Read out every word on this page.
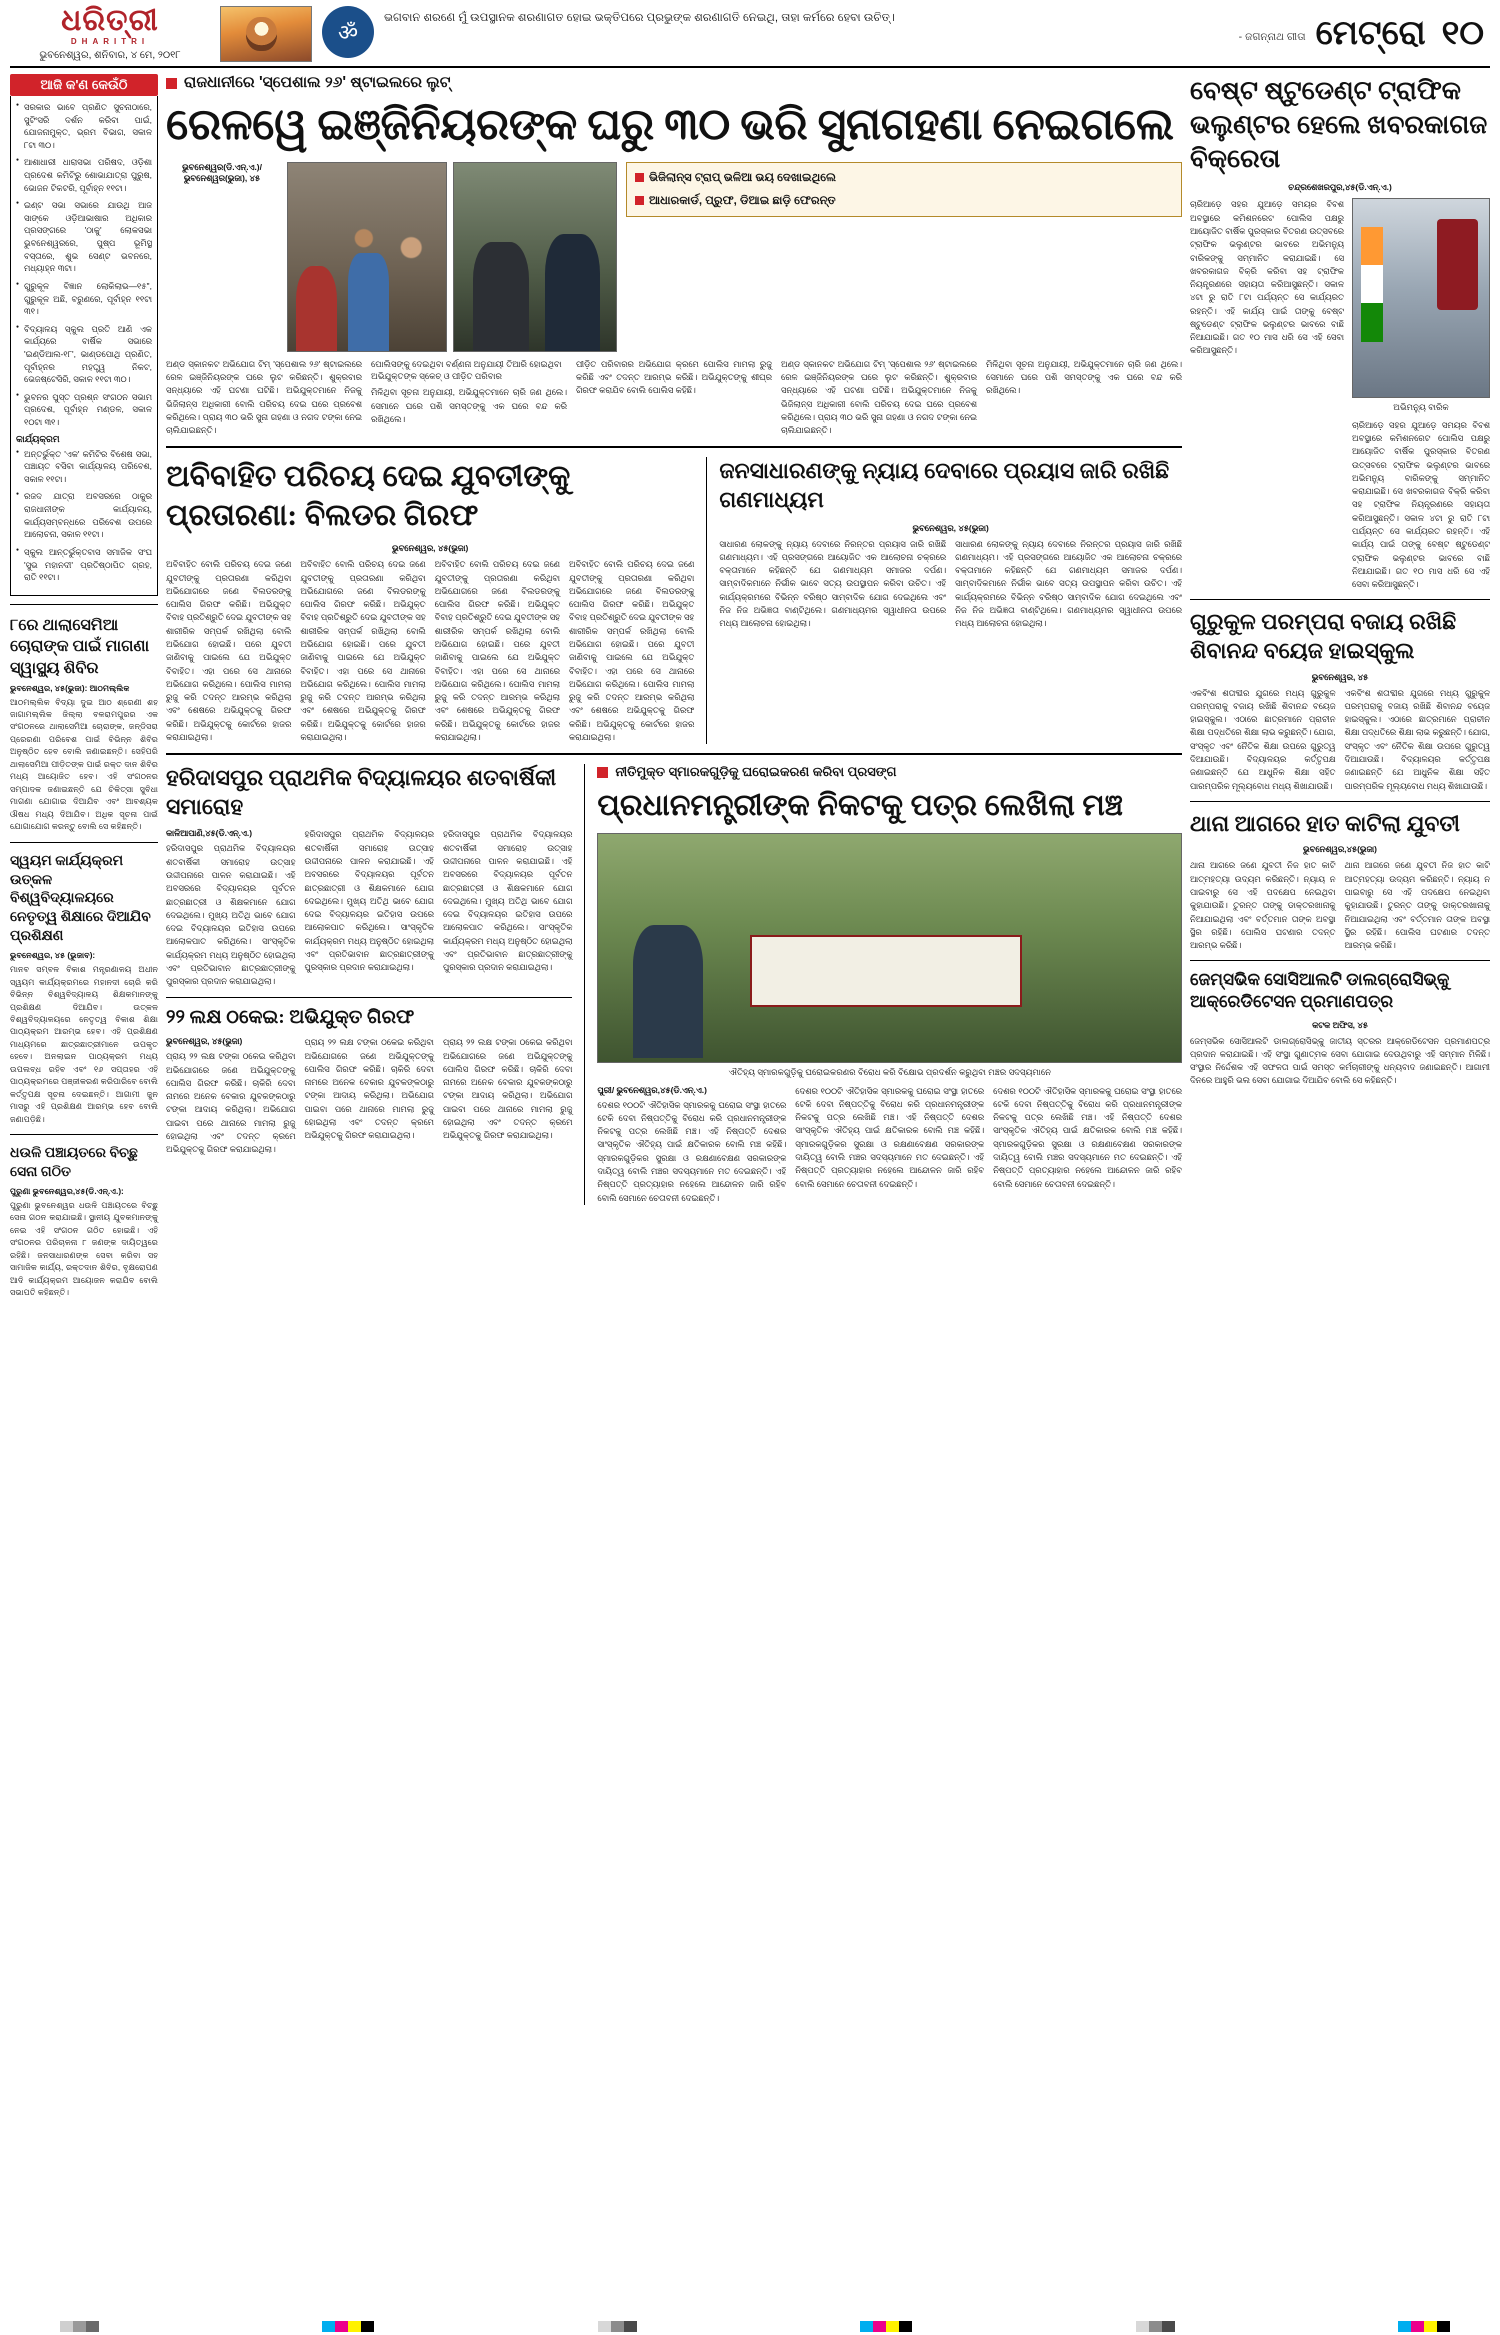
ଧରିତ୍ରୀ
DHARITRI
ଭୁବନେଶ୍ୱର, ଶନିବାର, ୪ ମେ, ୨୦୧୮
ॐ
ଭଗବାନ ଶରଣେ ମୁଁ ଉପସ୍ଥାନକ ଶରଣାଗତ ହୋଇ ଭକ୍ତିପରେ ପ୍ରଭୁଙ୍କ ଶରଣାଗତି ନେଇଥି, ତାହା କର୍ମରେ ହେବା ଉଚିତ୍‌।
- ଜଗନ୍ନାଥ ଗୀତା ମେଟ୍ରୋ ୧୦
ଆଜି କ'ଣ କେଉଁଠି
● ସରକାର ଭାବେ ପ୍ରଣିତ ସୁଚନାଠାରେ, ସୁଟିଂସରି ଦର୍ଶନ କରିବା ପାଇଁ, ଯୋଜନାମୁକ୍ତ, ଭ୍ରମ ବିଭାଗ, ସକାଳ ୮ଟା ୩୦।
● ଆଶାଧାରୀ ଧାରାସଭା ପରିଷଦ, ଓଡ଼ିଶା ପ୍ରଦେଶ କମିଟିରୁ ଶୋଭାଯାତ୍ରା ପୁରୁଷ, ଭୋଜନ ଟିକଟରି, ପୂର୍ବାହ୍ନ ୧୧ଟା।
● ଇଣ୍ଟ ସଭା ସଭାରେ ଯାଉଥି ଆଜ ସାଙ୍କେ ଓଡ଼ିଆଭାଷାର ଅଧିକାର ପ୍ରସଙ୍ଗରେ 'ଠାକୁ' ଲୋକସଭା ଭୁବନେଶ୍ୱରରେ, ପୁଷ୍ପ ଭୂମିସ୍ଥ ବସ୍ତାରେ, ଶୁଭ ସେଣ୍ଟ ଭବନରେ, ମଧ୍ୟାହ୍ନ ୩ଟା।
● ଗୁରୁକୂଳ ବିଜ୍ଞାନ ଲୋକିଲାଭ—୧୫'', ଗୁରୁକୂଳ ଅଛି, ବରୁଣରେ, ପୂର୍ବାହ୍ନ ୧୧ଟା ୩୧।
● ବିଦ୍ୟାଳୟ ସ୍କୁଲ ପ୍ରତି ଆଣି ଏକ କାର୍ଯ୍ୟରେ ବାର୍ଷିକ ସଭାରେ 'ଇଣ୍ଡିଆଲ-୧୮', ଭାଣ୍ଡପୋଥି ପ୍ରଣିତ, ପୂର୍ବାହ୍ନର ମହତ୍ତ୍ୱ ନିକଟ, ଭେଜଷ୍ଟେସିରି, ସକାଳ ୧୧ଟା ୩୦।
● ଭୁବନର ପୁସ୍ତ ପ୍ରଶ୍ନ ସଂଗଠନ ସଭାମ ପ୍ରଦେଶ, ପୂର୍ବାହ୍ନ ମଣ୍ଡଳ, ସକାଳ ୧୦ଟା ୩୧।
କାର୍ଯ୍ୟକ୍ରମ
● ଅନ୍ତର୍ଭୁକ୍ତ 'ଏକ' କମିଟିର ବିଶେଷ ସଭା, ପଞ୍ଚାୟତ ବସିବା କାର୍ଯ୍ୟାଳୟ ପରିବେଶ, ସକାଳ ୧୧ଟା।
● ରଜଦ ଯାତ୍ରା ଅବସରରେ ଠାକୁର ରାଜଧାନୀଙ୍କ କାର୍ଯ୍ୟାଳୟ, କାର୍ଯ୍ୟସମ୍ବନ୍ଧରେ ପରିବେଶ ଉପରେ ଆଲୋଚନା, ସକାଳ ୧୧ଟା।
● ସ୍କୁଲ ଆନ୍ତର୍ଭୁକ୍ତବାସ ସମାଜିକ ସଂଘ 'ସୁଭ ମହାନଦୀ' ପ୍ରତିଷ୍ଠାପିତ ଗ୍ରହ, ରାତି ୧୧ଟା।
୮ରେ ଥାଲାସେମିଆ ଚୋରାଙ୍କ ପାଇଁ ମାଗଣା ସ୍ୱାସ୍ଥ୍ୟ ଶିବିର
ଭୁବନେଶ୍ୱର, ୪୫(ଭୁଜା): ଆଠମଲ୍ଲିକ
ଆଠମଲ୍ଲିକ ବିଦ୍ୟା ଦୁଇ ଆଠ ଶ୍ରେଣୀ ଶହ ଜାଗାମଲ୍ଲିକ ଜିଲ୍ଲା ବଳରାମପୁରର ଏକ ସଂଗଠନରେ ଥାଲାସେମିଆ ଚୋରାଙ୍କ, ଜନ୍ଡିସରା ପ୍ରେରଣା ପରିବେଶ ପାଇଁ ବିଭିନ୍ନ ଶିବିର ଅନୁଷ୍ଠିତ ହେବ ବୋଲି ଜଣାଇଛନ୍ତି। ସେହିପରି ଥାଲାସେମିଆ ପୀଡ଼ିତଙ୍କ ପାଇଁ ରକ୍ତ ଦାନ ଶିବିର ମଧ୍ୟ ଆୟୋଜିତ ହେବ। ଏହି ସଂଗଠନର ସମ୍ପାଦକ ଜଣାଇଛନ୍ତି ଯେ ଚିକିତ୍ସା ସୁବିଧା ମାଗଣା ଯୋଗାଇ ଦିଆଯିବ ଏବଂ ଆବଶ୍ୟକ ଔଷଧ ମଧ୍ୟ ଦିଆଯିବ। ଅଧିକ ସୂଚନା ପାଇଁ ଯୋଗାଯୋଗ କରନ୍ତୁ ବୋଲି ସେ କହିଛନ୍ତି।
ସ୍ୱୟମ କାର୍ଯ୍ୟକ୍ରମ ଉତ୍କଳ ବିଶ୍ୱବିଦ୍ୟାଳୟରେ ନେତୃତ୍ୱ ଶିକ୍ଷାରେ ଦିଆଯିବ ପ୍ରଶିକ୍ଷଣ
ଭୁବନେଶ୍ୱର, ୪୫ (ଭୁଜାବ):
ମାନବ ସମ୍ବଳ ବିକାଶ ମନ୍ତ୍ରଣାଳୟ ଅଧୀନ ସ୍ୱୟମ କାର୍ଯ୍ୟକ୍ରମରେ ମହାନଦୀ ଚୋରି କରି ବିଭିନ୍ନ ବିଶ୍ୱବିଦ୍ୟାଳୟ ଶିକ୍ଷକମାନଙ୍କୁ ପ୍ରଶିକ୍ଷଣ ଦିଆଯିବ। ଉତ୍କଳ ବିଶ୍ୱବିଦ୍ୟାଳୟରେ ନେତୃତ୍ୱ ବିକାଶ ଶିକ୍ଷା ପାଠ୍ୟକ୍ରମ ଆରମ୍ଭ ହେବ। ଏହି ପ୍ରଶିକ୍ଷଣ ମାଧ୍ୟମରେ ଛାତ୍ରଛାତ୍ରୀମାନେ ଉପକୃତ ହେବେ। ଅନଲାଇନ ପାଠ୍ୟକ୍ରମ ମଧ୍ୟ ଉପଲବ୍ଧ ରହିବ ଏବଂ ୧୬ ସପ୍ତାହର ଏହି ପାଠ୍ୟକ୍ରମରେ ପଞ୍ଜୀକରଣ କରିପାରିବେ ବୋଲି କର୍ତ୍ତୃପକ୍ଷ ସୂଚନା ଦେଇଛନ୍ତି। ଆଗାମୀ ଜୁନ ମାସରୁ ଏହି ପ୍ରଶିକ୍ଷଣ ଆରମ୍ଭ ହେବ ବୋଲି ଜଣାପଡ଼ିଛି।
ଧଉଳି ପଞ୍ଚାୟତରେ ବିଚ୍ଛୁ ସେନା ଗଠିତ
ପୁରୁଣା ଭୁବନେଶ୍ୱର,୪୫(ଡି.ଏନ୍.ଏ.):
ପୁରୁଣା ଭୁବନେଶ୍ୱର ଧଉଳି ପଞ୍ଚାୟତରେ ବିଚ୍ଛୁ ସେନା ଗଠନ କରାଯାଇଛି। ସ୍ଥାନୀୟ ଯୁବକମାନଙ୍କୁ ନେଇ ଏହି ସଂଗଠନ ଗଠିତ ହୋଇଛି। ଏହି ସଂଗଠନର ପରିଚାଳନା ୮ ଜଣଙ୍କ ଦାୟିତ୍ୱରେ ରହିଛି। ଜନସାଧାରଣଙ୍କ ସେବା କରିବା ସହ ସାମାଜିକ କାର୍ଯ୍ୟ, ରକ୍ତଦାନ ଶିବିର, ବୃକ୍ଷରୋପଣ ଆଦି କାର୍ଯ୍ୟକ୍ରମ ଆୟୋଜନ କରାଯିବ ବୋଲି ସଭାପତି କହିଛନ୍ତି।
ରାଜଧାନୀରେ 'ସ୍ପେଶାଲ ୨୬' ଷ୍ଟାଇଲରେ ଲୁଟ୍
ରେଳୱେ ଇଞ୍ଜିନିୟରଙ୍କ ଘରୁ ୩୦ ଭରି ସୁନାଗହଣା ନେଇଗଲେ
ଭୁବନେଶ୍ୱର(ଡି.ଏନ୍.ଏ.)/ ଭୁବନେଶ୍ୱର(ଭୁଜା), ୪୫	ଭିଜିଲାନ୍ସ ଟ୍ରାପ୍‌ ଭଳିଆ ଭୟ ଦେଖାଇଥିଲେ
ଆଧାରକାର୍ଡ, ପ୍ରୁଫ, ଡିଆଇ ଛାଡ଼ି ଫେରନ୍ତ
ଅଣ୍ଡ ସ୍କାନକଟ ଅଭିଯୋଗ ଟିମ୍‌ 'ସ୍ପେଶାଲ ୨୬' ଷ୍ଟାଇଲରେ ରେଳ ଇଞ୍ଜିନିୟରଙ୍କ ଘରେ ଲୁଟ କରିଛନ୍ତି। ଶୁକ୍ରବାର ସନ୍ଧ୍ୟାରେ ଏହି ଘଟଣା ଘଟିଛି। ଅଭିଯୁକ୍ତମାନେ ନିଜକୁ ଭିଜିଲାନ୍ସ ଅଧିକାରୀ ବୋଲି ପରିଚୟ ଦେଇ ଘରେ ପ୍ରବେଶ କରିଥିଲେ। ପ୍ରାୟ ୩୦ ଭରି ସୁନା ଗହଣା ଓ ନଗଦ ଟଙ୍କା ନେଇ ଚାଲିଯାଇଛନ୍ତି।
ପୋଲିସଙ୍କୁ ଦେଇଥିବା ବର୍ଣ୍ଣନା ଅନୁଯାୟୀ ତିଆରି ହୋଇଥିବା ଅଭିଯୁକ୍ତଙ୍କ ସ୍କେଚ୍‌ ଓ ପୀଡ଼ିତ ପରିବାର
ମିଳିଥିବା ସୂଚନା ଅନୁଯାୟୀ, ଅଭିଯୁକ୍ତମାନେ ଚାରି ଜଣ ଥିଲେ। ସେମାନେ ଘରେ ପଶି ସମସ୍ତଙ୍କୁ ଏକ ଘରେ ବନ୍ଦ କରି ରଖିଥିଲେ।
ପୀଡ଼ିତ ପରିବାରର ଅଭିଯୋଗ କ୍ରମେ ପୋଲିସ ମାମଲା ରୁଜୁ କରିଛି ଏବଂ ତଦନ୍ତ ଆରମ୍ଭ କରିଛି। ଅଭିଯୁକ୍ତଙ୍କୁ ଶୀଘ୍ର ଗିରଫ କରାଯିବ ବୋଲି ପୋଲିସ କହିଛି।
ଅଣ୍ଡ ସ୍କାନକଟ ଅଭିଯୋଗ ଟିମ୍‌ 'ସ୍ପେଶାଲ ୨୬' ଷ୍ଟାଇଲରେ ରେଳ ଇଞ୍ଜିନିୟରଙ୍କ ଘରେ ଲୁଟ କରିଛନ୍ତି। ଶୁକ୍ରବାର ସନ୍ଧ୍ୟାରେ ଏହି ଘଟଣା ଘଟିଛି। ଅଭିଯୁକ୍ତମାନେ ନିଜକୁ ଭିଜିଲାନ୍ସ ଅଧିକାରୀ ବୋଲି ପରିଚୟ ଦେଇ ଘରେ ପ୍ରବେଶ କରିଥିଲେ। ପ୍ରାୟ ୩୦ ଭରି ସୁନା ଗହଣା ଓ ନଗଦ ଟଙ୍କା ନେଇ ଚାଲିଯାଇଛନ୍ତି।
ମିଳିଥିବା ସୂଚନା ଅନୁଯାୟୀ, ଅଭିଯୁକ୍ତମାନେ ଚାରି ଜଣ ଥିଲେ। ସେମାନେ ଘରେ ପଶି ସମସ୍ତଙ୍କୁ ଏକ ଘରେ ବନ୍ଦ କରି ରଖିଥିଲେ।
ଅବିବାହିତ ପରିଚୟ ଦେଇ ଯୁବତୀଙ୍କୁ ପ୍ରତାରଣା: ବିଲଡର ଗିରଫ
ଭୁବନେଶ୍ୱର, ୪୫(ଭୁଜା)
ଅବିବାହିତ ବୋଲି ପରିଚୟ ଦେଇ ଜଣେ ଯୁବତୀଙ୍କୁ ପ୍ରତାରଣା କରିଥିବା ଅଭିଯୋଗରେ ଜଣେ ବିଲଡରଙ୍କୁ ପୋଲିସ ଗିରଫ କରିଛି। ଅଭିଯୁକ୍ତ ବିବାହ ପ୍ରତିଶ୍ରୁତି ଦେଇ ଯୁବତୀଙ୍କ ସହ ଶାରୀରିକ ସମ୍ପର୍କ ରଖିଥିଲା ବୋଲି ଅଭିଯୋଗ ହୋଇଛି। ପରେ ଯୁବତୀ ଜାଣିବାକୁ ପାଇଲେ ଯେ ଅଭିଯୁକ୍ତ ବିବାହିତ। ଏହା ପରେ ସେ ଥାନାରେ ଅଭିଯୋଗ କରିଥିଲେ। ପୋଲିସ ମାମଲା ରୁଜୁ କରି ତଦନ୍ତ ଆରମ୍ଭ କରିଥିଲା ଏବଂ ଶେଷରେ ଅଭିଯୁକ୍ତକୁ ଗିରଫ କରିଛି। ଅଭିଯୁକ୍ତକୁ କୋର୍ଟରେ ହାଜର କରାଯାଇଥିଲା।
ଅବିବାହିତ ବୋଲି ପରିଚୟ ଦେଇ ଜଣେ ଯୁବତୀଙ୍କୁ ପ୍ରତାରଣା କରିଥିବା ଅଭିଯୋଗରେ ଜଣେ ବିଲଡରଙ୍କୁ ପୋଲିସ ଗିରଫ କରିଛି। ଅଭିଯୁକ୍ତ ବିବାହ ପ୍ରତିଶ୍ରୁତି ଦେଇ ଯୁବତୀଙ୍କ ସହ ଶାରୀରିକ ସମ୍ପର୍କ ରଖିଥିଲା ବୋଲି ଅଭିଯୋଗ ହୋଇଛି। ପରେ ଯୁବତୀ ଜାଣିବାକୁ ପାଇଲେ ଯେ ଅଭିଯୁକ୍ତ ବିବାହିତ। ଏହା ପରେ ସେ ଥାନାରେ ଅଭିଯୋଗ କରିଥିଲେ। ପୋଲିସ ମାମଲା ରୁଜୁ କରି ତଦନ୍ତ ଆରମ୍ଭ କରିଥିଲା ଏବଂ ଶେଷରେ ଅଭିଯୁକ୍ତକୁ ଗିରଫ କରିଛି। ଅଭିଯୁକ୍ତକୁ କୋର୍ଟରେ ହାଜର କରାଯାଇଥିଲା।
ଅବିବାହିତ ବୋଲି ପରିଚୟ ଦେଇ ଜଣେ ଯୁବତୀଙ୍କୁ ପ୍ରତାରଣା କରିଥିବା ଅଭିଯୋଗରେ ଜଣେ ବିଲଡରଙ୍କୁ ପୋଲିସ ଗିରଫ କରିଛି। ଅଭିଯୁକ୍ତ ବିବାହ ପ୍ରତିଶ୍ରୁତି ଦେଇ ଯୁବତୀଙ୍କ ସହ ଶାରୀରିକ ସମ୍ପର୍କ ରଖିଥିଲା ବୋଲି ଅଭିଯୋଗ ହୋଇଛି। ପରେ ଯୁବତୀ ଜାଣିବାକୁ ପାଇଲେ ଯେ ଅଭିଯୁକ୍ତ ବିବାହିତ। ଏହା ପରେ ସେ ଥାନାରେ ଅଭିଯୋଗ କରିଥିଲେ। ପୋଲିସ ମାମଲା ରୁଜୁ କରି ତଦନ୍ତ ଆରମ୍ଭ କରିଥିଲା ଏବଂ ଶେଷରେ ଅଭିଯୁକ୍ତକୁ ଗିରଫ କରିଛି। ଅଭିଯୁକ୍ତକୁ କୋର୍ଟରେ ହାଜର କରାଯାଇଥିଲା।
ଅବିବାହିତ ବୋଲି ପରିଚୟ ଦେଇ ଜଣେ ଯୁବତୀଙ୍କୁ ପ୍ରତାରଣା କରିଥିବା ଅଭିଯୋଗରେ ଜଣେ ବିଲଡରଙ୍କୁ ପୋଲିସ ଗିରଫ କରିଛି। ଅଭିଯୁକ୍ତ ବିବାହ ପ୍ରତିଶ୍ରୁତି ଦେଇ ଯୁବତୀଙ୍କ ସହ ଶାରୀରିକ ସମ୍ପର୍କ ରଖିଥିଲା ବୋଲି ଅଭିଯୋଗ ହୋଇଛି। ପରେ ଯୁବତୀ ଜାଣିବାକୁ ପାଇଲେ ଯେ ଅଭିଯୁକ୍ତ ବିବାହିତ। ଏହା ପରେ ସେ ଥାନାରେ ଅଭିଯୋଗ କରିଥିଲେ। ପୋଲିସ ମାମଲା ରୁଜୁ କରି ତଦନ୍ତ ଆରମ୍ଭ କରିଥିଲା ଏବଂ ଶେଷରେ ଅଭିଯୁକ୍ତକୁ ଗିରଫ କରିଛି। ଅଭିଯୁକ୍ତକୁ କୋର୍ଟରେ ହାଜର କରାଯାଇଥିଲା।
ଜନସାଧାରଣଙ୍କୁ ନ୍ୟାୟ ଦେବାରେ ପ୍ରୟାସ ଜାରି ରଖିଛି ଗଣମାଧ୍ୟମ
ଭୁବନେଶ୍ୱର, ୪୫(ଭୁଜା)
ସାଧାରଣ ଲୋକଙ୍କୁ ନ୍ୟାୟ ଦେବାରେ ନିରନ୍ତର ପ୍ରୟାସ ଜାରି ରଖିଛି ଗଣମାଧ୍ୟମ। ଏହି ପ୍ରସଙ୍ଗରେ ଆୟୋଜିତ ଏକ ଆଲୋଚନା ଚକ୍ରରେ ବକ୍ତାମାନେ କହିଛନ୍ତି ଯେ ଗଣମାଧ୍ୟମ ସମାଜର ଦର୍ପଣ। ସାମ୍ବାଦିକମାନେ ନିର୍ଭୀକ ଭାବେ ସତ୍ୟ ଉପସ୍ଥାପନ କରିବା ଉଚିତ। ଏହି କାର୍ଯ୍ୟକ୍ରମରେ ବିଭିନ୍ନ ବରିଷ୍ଠ ସାମ୍ବାଦିକ ଯୋଗ ଦେଇଥିଲେ ଏବଂ ନିଜ ନିଜ ଅଭିଜ୍ଞତା ବାଣ୍ଟିଥିଲେ। ଗଣମାଧ୍ୟମର ସ୍ୱାଧୀନତା ଉପରେ ମଧ୍ୟ ଆଲୋଚନା ହୋଇଥିଲା।
ସାଧାରଣ ଲୋକଙ୍କୁ ନ୍ୟାୟ ଦେବାରେ ନିରନ୍ତର ପ୍ରୟାସ ଜାରି ରଖିଛି ଗଣମାଧ୍ୟମ। ଏହି ପ୍ରସଙ୍ଗରେ ଆୟୋଜିତ ଏକ ଆଲୋଚନା ଚକ୍ରରେ ବକ୍ତାମାନେ କହିଛନ୍ତି ଯେ ଗଣମାଧ୍ୟମ ସମାଜର ଦର୍ପଣ। ସାମ୍ବାଦିକମାନେ ନିର୍ଭୀକ ଭାବେ ସତ୍ୟ ଉପସ୍ଥାପନ କରିବା ଉଚିତ। ଏହି କାର୍ଯ୍ୟକ୍ରମରେ ବିଭିନ୍ନ ବରିଷ୍ଠ ସାମ୍ବାଦିକ ଯୋଗ ଦେଇଥିଲେ ଏବଂ ନିଜ ନିଜ ଅଭିଜ୍ଞତା ବାଣ୍ଟିଥିଲେ। ଗଣମାଧ୍ୟମର ସ୍ୱାଧୀନତା ଉପରେ ମଧ୍ୟ ଆଲୋଚନା ହୋଇଥିଲା।
ହରିଦାସପୁର ପ୍ରାଥମିକ ବିଦ୍ୟାଳୟର ଶତବାର୍ଷିକୀ ସମାରୋହ
କାଳିଆପାଣି,୪୫(ଡି.ଏନ୍.ଏ.)
ହରିଦାସପୁର ପ୍ରାଥମିକ ବିଦ୍ୟାଳୟର ଶତବାର୍ଷିକୀ ସମାରୋହ ଉତ୍ସାହ ଉଦ୍ଦୀପନାରେ ପାଳନ କରାଯାଇଛି। ଏହି ଅବସରରେ ବିଦ୍ୟାଳୟର ପୂର୍ବତନ ଛାତ୍ରଛାତ୍ରୀ ଓ ଶିକ୍ଷକମାନେ ଯୋଗ ଦେଇଥିଲେ। ମୁଖ୍ୟ ଅତିଥି ଭାବେ ଯୋଗ ଦେଇ ବିଦ୍ୟାଳୟର ଇତିହାସ ଉପରେ ଆଲୋକପାତ କରିଥିଲେ। ସାଂସ୍କୃତିକ କାର୍ଯ୍ୟକ୍ରମ ମଧ୍ୟ ଅନୁଷ୍ଠିତ ହୋଇଥିଲା ଏବଂ ପ୍ରତିଭାବାନ ଛାତ୍ରଛାତ୍ରୀଙ୍କୁ ପୁରସ୍କାର ପ୍ରଦାନ କରାଯାଇଥିଲା।
ହରିଦାସପୁର ପ୍ରାଥମିକ ବିଦ୍ୟାଳୟର ଶତବାର୍ଷିକୀ ସମାରୋହ ଉତ୍ସାହ ଉଦ୍ଦୀପନାରେ ପାଳନ କରାଯାଇଛି। ଏହି ଅବସରରେ ବିଦ୍ୟାଳୟର ପୂର୍ବତନ ଛାତ୍ରଛାତ୍ରୀ ଓ ଶିକ୍ଷକମାନେ ଯୋଗ ଦେଇଥିଲେ। ମୁଖ୍ୟ ଅତିଥି ଭାବେ ଯୋଗ ଦେଇ ବିଦ୍ୟାଳୟର ଇତିହାସ ଉପରେ ଆଲୋକପାତ କରିଥିଲେ। ସାଂସ୍କୃତିକ କାର୍ଯ୍ୟକ୍ରମ ମଧ୍ୟ ଅନୁଷ୍ଠିତ ହୋଇଥିଲା ଏବଂ ପ୍ରତିଭାବାନ ଛାତ୍ରଛାତ୍ରୀଙ୍କୁ ପୁରସ୍କାର ପ୍ରଦାନ କରାଯାଇଥିଲା।
ହରିଦାସପୁର ପ୍ରାଥମିକ ବିଦ୍ୟାଳୟର ଶତବାର୍ଷିକୀ ସମାରୋହ ଉତ୍ସାହ ଉଦ୍ଦୀପନାରେ ପାଳନ କରାଯାଇଛି। ଏହି ଅବସରରେ ବିଦ୍ୟାଳୟର ପୂର୍ବତନ ଛାତ୍ରଛାତ୍ରୀ ଓ ଶିକ୍ଷକମାନେ ଯୋଗ ଦେଇଥିଲେ। ମୁଖ୍ୟ ଅତିଥି ଭାବେ ଯୋଗ ଦେଇ ବିଦ୍ୟାଳୟର ଇତିହାସ ଉପରେ ଆଲୋକପାତ କରିଥିଲେ। ସାଂସ୍କୃତିକ କାର୍ଯ୍ୟକ୍ରମ ମଧ୍ୟ ଅନୁଷ୍ଠିତ ହୋଇଥିଲା ଏବଂ ପ୍ରତିଭାବାନ ଛାତ୍ରଛାତ୍ରୀଙ୍କୁ ପୁରସ୍କାର ପ୍ରଦାନ କରାଯାଇଥିଲା।
୨୨ ଲକ୍ଷ ଠକେଇ: ଅଭିଯୁକ୍ତ ଗିରଫ
ଭୁବନେଶ୍ୱର, ୪୫(ଭୁଜା)
ପ୍ରାୟ ୨୨ ଲକ୍ଷ ଟଙ୍କା ଠକେଇ କରିଥିବା ଅଭିଯୋଗରେ ଜଣେ ଅଭିଯୁକ୍ତଙ୍କୁ ପୋଲିସ ଗିରଫ କରିଛି। ଚାକିରି ଦେବା ନାମରେ ଅନେକ ବେକାର ଯୁବକଙ୍କଠାରୁ ଟଙ୍କା ଆଦାୟ କରିଥିଲା। ଅଭିଯୋଗ ପାଇବା ପରେ ଥାନାରେ ମାମଲା ରୁଜୁ ହୋଇଥିଲା ଏବଂ ତଦନ୍ତ କ୍ରମେ ଅଭିଯୁକ୍ତକୁ ଗିରଫ କରାଯାଇଥିଲା।
ପ୍ରାୟ ୨୨ ଲକ୍ଷ ଟଙ୍କା ଠକେଇ କରିଥିବା ଅଭିଯୋଗରେ ଜଣେ ଅଭିଯୁକ୍ତଙ୍କୁ ପୋଲିସ ଗିରଫ କରିଛି। ଚାକିରି ଦେବା ନାମରେ ଅନେକ ବେକାର ଯୁବକଙ୍କଠାରୁ ଟଙ୍କା ଆଦାୟ କରିଥିଲା। ଅଭିଯୋଗ ପାଇବା ପରେ ଥାନାରେ ମାମଲା ରୁଜୁ ହୋଇଥିଲା ଏବଂ ତଦନ୍ତ କ୍ରମେ ଅଭିଯୁକ୍ତକୁ ଗିରଫ କରାଯାଇଥିଲା।
ପ୍ରାୟ ୨୨ ଲକ୍ଷ ଟଙ୍କା ଠକେଇ କରିଥିବା ଅଭିଯୋଗରେ ଜଣେ ଅଭିଯୁକ୍ତଙ୍କୁ ପୋଲିସ ଗିରଫ କରିଛି। ଚାକିରି ଦେବା ନାମରେ ଅନେକ ବେକାର ଯୁବକଙ୍କଠାରୁ ଟଙ୍କା ଆଦାୟ କରିଥିଲା। ଅଭିଯୋଗ ପାଇବା ପରେ ଥାନାରେ ମାମଲା ରୁଜୁ ହୋଇଥିଲା ଏବଂ ତଦନ୍ତ କ୍ରମେ ଅଭିଯୁକ୍ତକୁ ଗିରଫ କରାଯାଇଥିଲା।
ନୀତିମୁକ୍ତ ସ୍ମାରକଗୁଡ଼ିକୁ ଘରୋଇକରଣ କରିବା ପ୍ରସଙ୍ଗ
ପ୍ରଧାନମନ୍ତ୍ରୀଙ୍କ ନିକଟକୁ ପତ୍ର ଲେଖିଲା ମଞ୍ଚ
ଐତିହ୍ୟ ସ୍ମାରକଗୁଡ଼ିକୁ ଘରୋଇକରଣର ବିରୋଧ କରି ବିକ୍ଷୋଭ ପ୍ରଦର୍ଶନ କରୁଥିବା ମଞ୍ଚର ସଦସ୍ୟମାନେ
ପୁରୀ/ ଭୁବନେଶ୍ୱର,୪୫(ଡି.ଏନ୍.ଏ.)
ଦେଶର ୧୦୦ଟି ଐତିହାସିକ ସ୍ମାରକକୁ ଘରୋଇ ସଂସ୍ଥା ହାତରେ ଟେକି ଦେବା ନିଷ୍ପତ୍ତିକୁ ବିରୋଧ କରି ପ୍ରଧାନମନ୍ତ୍ରୀଙ୍କ ନିକଟକୁ ପତ୍ର ଲେଖିଛି ମଞ୍ଚ। ଏହି ନିଷ୍ପତ୍ତି ଦେଶର ସାଂସ୍କୃତିକ ଐତିହ୍ୟ ପାଇଁ କ୍ଷତିକାରକ ବୋଲି ମଞ୍ଚ କହିଛି। ସ୍ମାରକଗୁଡ଼ିକର ସୁରକ୍ଷା ଓ ରକ୍ଷଣାବେକ୍ଷଣ ସରକାରଙ୍କ ଦାୟିତ୍ୱ ବୋଲି ମଞ୍ଚର ସଦସ୍ୟମାନେ ମତ ଦେଇଛନ୍ତି। ଏହି ନିଷ୍ପତ୍ତି ପ୍ରତ୍ୟାହାର ନହେଲେ ଆନ୍ଦୋଳନ ଜାରି ରହିବ ବୋଲି ସେମାନେ ଚେତାବନୀ ଦେଇଛନ୍ତି।
ଦେଶର ୧୦୦ଟି ଐତିହାସିକ ସ୍ମାରକକୁ ଘରୋଇ ସଂସ୍ଥା ହାତରେ ଟେକି ଦେବା ନିଷ୍ପତ୍ତିକୁ ବିରୋଧ କରି ପ୍ରଧାନମନ୍ତ୍ରୀଙ୍କ ନିକଟକୁ ପତ୍ର ଲେଖିଛି ମଞ୍ଚ। ଏହି ନିଷ୍ପତ୍ତି ଦେଶର ସାଂସ୍କୃତିକ ଐତିହ୍ୟ ପାଇଁ କ୍ଷତିକାରକ ବୋଲି ମଞ୍ଚ କହିଛି। ସ୍ମାରକଗୁଡ଼ିକର ସୁରକ୍ଷା ଓ ରକ୍ଷଣାବେକ୍ଷଣ ସରକାରଙ୍କ ଦାୟିତ୍ୱ ବୋଲି ମଞ୍ଚର ସଦସ୍ୟମାନେ ମତ ଦେଇଛନ୍ତି। ଏହି ନିଷ୍ପତ୍ତି ପ୍ରତ୍ୟାହାର ନହେଲେ ଆନ୍ଦୋଳନ ଜାରି ରହିବ ବୋଲି ସେମାନେ ଚେତାବନୀ ଦେଇଛନ୍ତି।
ଦେଶର ୧୦୦ଟି ଐତିହାସିକ ସ୍ମାରକକୁ ଘରୋଇ ସଂସ୍ଥା ହାତରେ ଟେକି ଦେବା ନିଷ୍ପତ୍ତିକୁ ବିରୋଧ କରି ପ୍ରଧାନମନ୍ତ୍ରୀଙ୍କ ନିକଟକୁ ପତ୍ର ଲେଖିଛି ମଞ୍ଚ। ଏହି ନିଷ୍ପତ୍ତି ଦେଶର ସାଂସ୍କୃତିକ ଐତିହ୍ୟ ପାଇଁ କ୍ଷତିକାରକ ବୋଲି ମଞ୍ଚ କହିଛି। ସ୍ମାରକଗୁଡ଼ିକର ସୁରକ୍ଷା ଓ ରକ୍ଷଣାବେକ୍ଷଣ ସରକାରଙ୍କ ଦାୟିତ୍ୱ ବୋଲି ମଞ୍ଚର ସଦସ୍ୟମାନେ ମତ ଦେଇଛନ୍ତି। ଏହି ନିଷ୍ପତ୍ତି ପ୍ରତ୍ୟାହାର ନହେଲେ ଆନ୍ଦୋଳନ ଜାରି ରହିବ ବୋଲି ସେମାନେ ଚେତାବନୀ ଦେଇଛନ୍ତି।
ବେଷ୍ଟ ଷ୍ଟୁଡେଣ୍ଟ ଟ୍ରାଫିକ ଭଲୁଣ୍ଟର ହେଲେ ଖବରକାଗଜ ବିକ୍ରେତା
ଚନ୍ଦ୍ରଶେଖରପୁର,୪୫(ଡି.ଏନ୍.ଏ.)
ଚାରିଆଡ଼େ ସହର ଯୁଆଡ଼େ ସମୟର ବିବଶ ଅବସ୍ଥାରେ କମିଶନରେଟ ପୋଲିସ ପକ୍ଷରୁ ଆୟୋଜିତ ବାର୍ଷିକ ପୁରସ୍କାର ବିତରଣ ଉତ୍ସବରେ ଟ୍ରାଫିକ ଭଲୁଣ୍ଟର ଭାବରେ ଅଭିମନ୍ୟୁ ବାରିକଙ୍କୁ ସମ୍ମାନିତ କରାଯାଇଛି। ସେ ଖବରକାଗଜ ବିକ୍ରି କରିବା ସହ ଟ୍ରାଫିକ ନିୟନ୍ତ୍ରଣରେ ସହାୟତା କରିଆସୁଛନ୍ତି। ସକାଳ ୪ଟା ରୁ ରାତି ୮ଟା ପର୍ଯ୍ୟନ୍ତ ସେ କାର୍ଯ୍ୟରତ ରହନ୍ତି। ଏହି କାର୍ଯ୍ୟ ପାଇଁ ତାଙ୍କୁ ବେଷ୍ଟ ଷ୍ଟୁଡେଣ୍ଟ ଟ୍ରାଫିକ ଭଲୁଣ୍ଟର ଭାବରେ ବାଛି ନିଆଯାଇଛି। ଗତ ୧୦ ମାସ ଧରି ସେ ଏହି ସେବା କରିଆସୁଛନ୍ତି।
ଅଭିମନ୍ୟୁ ବାରିକ
ଚାରିଆଡ଼େ ସହର ଯୁଆଡ଼େ ସମୟର ବିବଶ ଅବସ୍ଥାରେ କମିଶନରେଟ ପୋଲିସ ପକ୍ଷରୁ ଆୟୋଜିତ ବାର୍ଷିକ ପୁରସ୍କାର ବିତରଣ ଉତ୍ସବରେ ଟ୍ରାଫିକ ଭଲୁଣ୍ଟର ଭାବରେ ଅଭିମନ୍ୟୁ ବାରିକଙ୍କୁ ସମ୍ମାନିତ କରାଯାଇଛି। ସେ ଖବରକାଗଜ ବିକ୍ରି କରିବା ସହ ଟ୍ରାଫିକ ନିୟନ୍ତ୍ରଣରେ ସହାୟତା କରିଆସୁଛନ୍ତି। ସକାଳ ୪ଟା ରୁ ରାତି ୮ଟା ପର୍ଯ୍ୟନ୍ତ ସେ କାର୍ଯ୍ୟରତ ରହନ୍ତି। ଏହି କାର୍ଯ୍ୟ ପାଇଁ ତାଙ୍କୁ ବେଷ୍ଟ ଷ୍ଟୁଡେଣ୍ଟ ଟ୍ରାଫିକ ଭଲୁଣ୍ଟର ଭାବରେ ବାଛି ନିଆଯାଇଛି। ଗତ ୧୦ ମାସ ଧରି ସେ ଏହି ସେବା କରିଆସୁଛନ୍ତି।
ଗୁରୁକୁଳ ପରମ୍ପରା ବଜାୟ ରଖିଛି ଶିବାନନ୍ଦ ବୟେଜ ହାଇସ୍କୁଲ
ଭୁବନେଶ୍ୱର, ୪୫
ଏକବିଂଶ ଶତାବ୍ଦୀର ଯୁଗରେ ମଧ୍ୟ ଗୁରୁକୁଳ ପରମ୍ପରାକୁ ବଜାୟ ରଖିଛି ଶିବାନନ୍ଦ ବୟେଜ ହାଇସ୍କୁଲ। ଏଠାରେ ଛାତ୍ରମାନେ ପ୍ରାଚୀନ ଶିକ୍ଷା ପଦ୍ଧତିରେ ଶିକ୍ଷା ଲାଭ କରୁଛନ୍ତି। ଯୋଗ, ସଂସ୍କୃତ ଏବଂ ନୈତିକ ଶିକ୍ଷା ଉପରେ ଗୁରୁତ୍ୱ ଦିଆଯାଉଛି। ବିଦ୍ୟାଳୟର କର୍ତ୍ତୃପକ୍ଷ ଜଣାଇଛନ୍ତି ଯେ ଆଧୁନିକ ଶିକ୍ଷା ସହିତ ପାରମ୍ପରିକ ମୂଲ୍ୟବୋଧ ମଧ୍ୟ ଶିଖାଯାଉଛି।
ଏକବିଂଶ ଶତାବ୍ଦୀର ଯୁଗରେ ମଧ୍ୟ ଗୁରୁକୁଳ ପରମ୍ପରାକୁ ବଜାୟ ରଖିଛି ଶିବାନନ୍ଦ ବୟେଜ ହାଇସ୍କୁଲ। ଏଠାରେ ଛାତ୍ରମାନେ ପ୍ରାଚୀନ ଶିକ୍ଷା ପଦ୍ଧତିରେ ଶିକ୍ଷା ଲାଭ କରୁଛନ୍ତି। ଯୋଗ, ସଂସ୍କୃତ ଏବଂ ନୈତିକ ଶିକ୍ଷା ଉପରେ ଗୁରୁତ୍ୱ ଦିଆଯାଉଛି। ବିଦ୍ୟାଳୟର କର୍ତ୍ତୃପକ୍ଷ ଜଣାଇଛନ୍ତି ଯେ ଆଧୁନିକ ଶିକ୍ଷା ସହିତ ପାରମ୍ପରିକ ମୂଲ୍ୟବୋଧ ମଧ୍ୟ ଶିଖାଯାଉଛି।
ଥାନା ଆଗରେ ହାତ କାଟିଲା ଯୁବତୀ
ଭୁବନେଶ୍ୱର,୪୫(ଭୁଜା)
ଥାନା ଆଗରେ ଜଣେ ଯୁବତୀ ନିଜ ହାତ କାଟି ଆତ୍ମହତ୍ୟା ଉଦ୍ୟମ କରିଛନ୍ତି। ନ୍ୟାୟ ନ ପାଇବାରୁ ସେ ଏହି ପଦକ୍ଷେପ ନେଇଥିବା କୁହାଯାଉଛି। ତୁରନ୍ତ ତାଙ୍କୁ ଡାକ୍ତରଖାନାକୁ ନିଆଯାଇଥିଲା ଏବଂ ବର୍ତ୍ତମାନ ତାଙ୍କ ଅବସ୍ଥା ସ୍ଥିର ରହିଛି। ପୋଲିସ ଘଟଣାର ତଦନ୍ତ ଆରମ୍ଭ କରିଛି।
ଥାନା ଆଗରେ ଜଣେ ଯୁବତୀ ନିଜ ହାତ କାଟି ଆତ୍ମହତ୍ୟା ଉଦ୍ୟମ କରିଛନ୍ତି। ନ୍ୟାୟ ନ ପାଇବାରୁ ସେ ଏହି ପଦକ୍ଷେପ ନେଇଥିବା କୁହାଯାଉଛି। ତୁରନ୍ତ ତାଙ୍କୁ ଡାକ୍ତରଖାନାକୁ ନିଆଯାଇଥିଲା ଏବଂ ବର୍ତ୍ତମାନ ତାଙ୍କ ଅବସ୍ଥା ସ୍ଥିର ରହିଛି। ପୋଲିସ ଘଟଣାର ତଦନ୍ତ ଆରମ୍ଭ କରିଛି।
ଜେମ୍ସଭିକ ସୋସିଆଲଟି ଡାଲଗ୍ରୋସିଭ୍‌କୁ ଆକ୍ରେଡିଟେସନ ପ୍ରମାଣପତ୍ର
କଟକ ଅଫିସ, ୪୫
ଜେମ୍ସଭିକ ସୋସିଆଲଟି ଡାଲଗ୍ରୋସିଭ୍‌କୁ ଜାତୀୟ ସ୍ତରର ଆକ୍ରେଡିଟେସନ ପ୍ରମାଣପତ୍ର ପ୍ରଦାନ କରାଯାଇଛି। ଏହି ସଂସ୍ଥା ଗୁଣାତ୍ମକ ସେବା ଯୋଗାଇ ଦେଉଥିବାରୁ ଏହି ସମ୍ମାନ ମିଳିଛି। ସଂସ୍ଥାର ନିର୍ଦ୍ଦେଶକ ଏହି ସଫଳତା ପାଇଁ ସମସ୍ତ କର୍ମଚାରୀଙ୍କୁ ଧନ୍ୟବାଦ ଜଣାଇଛନ୍ତି। ଆଗାମୀ ଦିନରେ ଆହୁରି ଭଲ ସେବା ଯୋଗାଇ ଦିଆଯିବ ବୋଲି ସେ କହିଛନ୍ତି।
